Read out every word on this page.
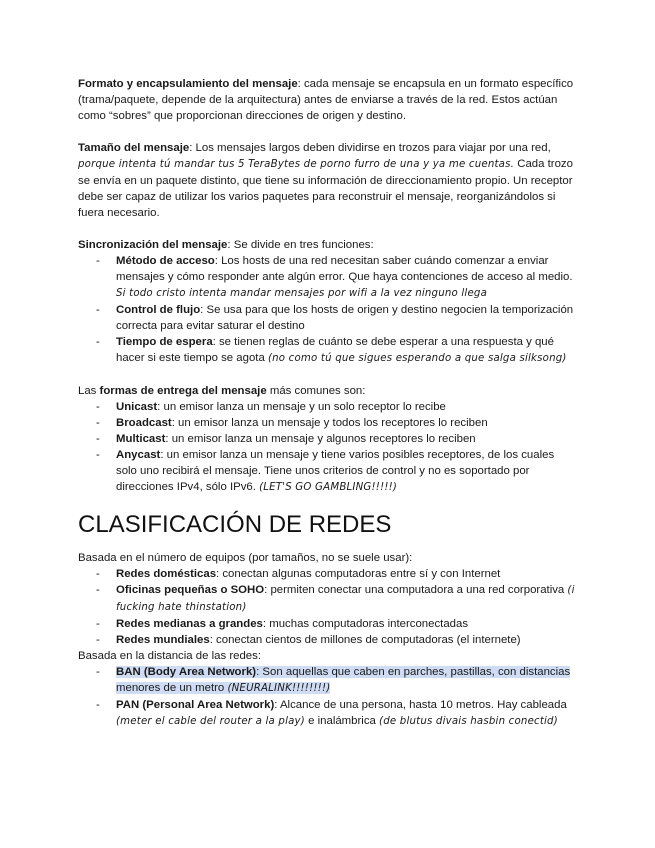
Formato y encapsulamiento del mensaje: cada mensaje se encapsula en un formato específico (trama/paquete, depende de la arquitectura) antes de enviarse a través de la red. Estos actúan como “sobres” que proporcionan direcciones de origen y destino.

Tamaño del mensaje: Los mensajes largos deben dividirse en trozos para viajar por una red, porque intenta tú mandar tus 5 TeraBytes de porno furro de una y ya me cuentas. Cada trozo se envía en un paquete distinto, que tiene su información de direccionamiento propio. Un receptor debe ser capaz de utilizar los varios paquetes para reconstruir el mensaje, reorganizándolos si fuera necesario.

Sincronización del mensaje: Se divide en tres funciones:

- Método de acceso: Los hosts de una red necesitan saber cuándo comenzar a enviar mensajes y cómo responder ante algún error. Que haya contenciones de acceso al medio. Si todo cristo intenta mandar mensajes por wifi a la vez ninguno llega
- Control de flujo: Se usa para que los hosts de origen y destino negocien la temporización correcta para evitar saturar el destino
- Tiempo de espera: se tienen reglas de cuánto se debe esperar a una respuesta y qué hacer si este tiempo se agota (no como tú que sigues esperando a que salga silksong)

Las formas de entrega del mensaje más comunes son:

- Unicast: un emisor lanza un mensaje y un solo receptor lo recibe
- Broadcast: un emisor lanza un mensaje y todos los receptores lo reciben
- Multicast: un emisor lanza un mensaje y algunos receptores lo reciben
- Anycast: un emisor lanza un mensaje y tiene varios posibles receptores, de los cuales solo uno recibirá el mensaje. Tiene unos criterios de control y no es soportado por direcciones IPv4, sólo IPv6. (LET'S GO GAMBLING!!!!!)
CLASIFICACIÓN DE REDES

Basada en el número de equipos (por tamaños, no se suele usar):

- Redes domésticas: conectan algunas computadoras entre sí y con Internet
- Oficinas pequeñas o SOHO: permiten conectar una computadora a una red corporativa (i fucking hate thinstation)
- Redes medianas a grandes: muchas computadoras interconectadas
- Redes mundiales: conectan cientos de millones de computadoras (el internete)

Basada en la distancia de las redes:

- BAN (Body Area Network): Son aquellas que caben en parches, pastillas, con distancias menores de un metro (NEURALINK!!!!!!!!)
- PAN (Personal Area Network): Alcance de una persona, hasta 10 metros. Hay cableada (meter el cable del router a la play) e inalámbrica (de blutus divais hasbin conectid)
